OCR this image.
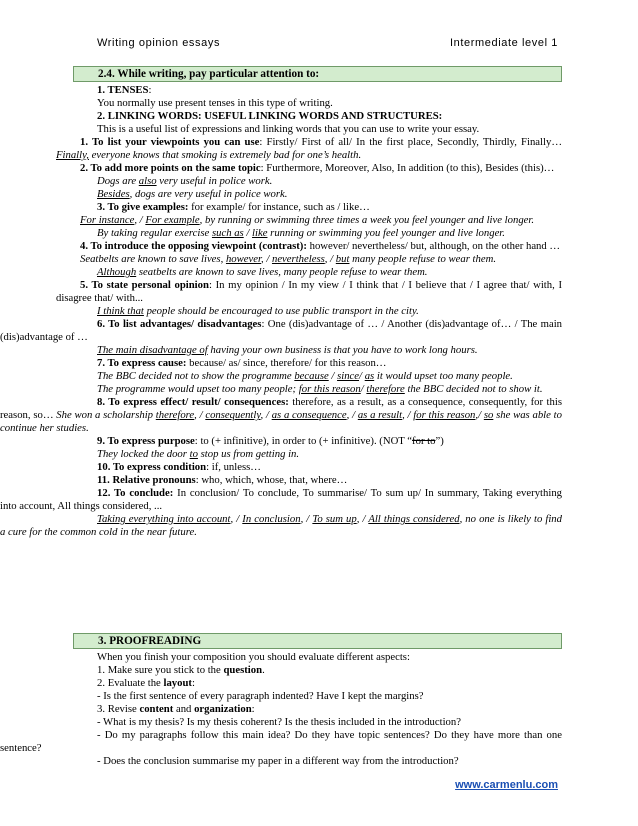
Writing opinion essays	Intermediate level 1
2.4. While writing, pay particular attention to:

1. TENSES:

You normally use present tenses in this type of writing.

2. LINKING WORDS: USEFUL LINKING WORDS AND STRUCTURES:

This is a useful list of expressions and linking words that you can use to write your essay.

1. To list your viewpoints you can use: Firstly/ First of all/ In the first place, Secondly, Thirdly, Finally… Finally, everyone knows that smoking is extremely bad for one’s health.

2. To add more points on the same topic: Furthermore, Moreover, Also, In addition (to this), Besides (this)…

Dogs are also very useful in police work.

Besides, dogs are very useful in police work.

3. To give examples: for example/ for instance, such as / like…

For instance, / For example, by running or swimming three times a week you feel younger and live longer.

By taking regular exercise such as / like running or swimming you feel younger and live longer.

4. To introduce the opposing viewpoint (contrast): however/ nevertheless/ but, although, on the other hand …

Seatbelts are known to save lives, however, / nevertheless, / but many people refuse to wear them.

Although seatbelts are known to save lives, many people refuse to wear them.

5. To state personal opinion: In my opinion / In my view / I think that / I believe that / I agree that/ with, I disagree that/ with...

I think that people should be encouraged to use public transport in the city.

6. To list advantages/ disadvantages: One (dis)advantage of … / Another (dis)advantage of… / The main (dis)advantage of …

The main disadvantage of having your own business is that you have to work long hours.

7. To express cause: because/ as/ since, therefore/ for this reason…

The BBC decided not to show the programme because / since/ as it would upset too many people.

The programme would upset too many people; for this reason/ therefore the BBC decided not to show it.

8. To express effect/ result/ consequences: therefore, as a result, as a consequence, consequently, for this reason, so… She won a scholarship therefore, / consequently, / as a consequence, / as a result, / for this reason,/ so she was able to continue her studies.

9. To express purpose: to (+ infinitive), in order to (+ infinitive). (NOT “for to”)

They locked the door to stop us from getting in.

10. To express condition: if, unless…

11. Relative pronouns: who, which, whose, that, where…

12. To conclude: In conclusion/ To conclude, To summarise/ To sum up/ In summary, Taking everything into account, All things considered, ...

Taking everything into account, / In conclusion, / To sum up, / All things considered, no one is likely to find a cure for the common cold in the near future.

3. PROOFREADING

When you finish your composition you should evaluate different aspects:

1. Make sure you stick to the question.

2. Evaluate the layout:

- Is the first sentence of every paragraph indented? Have I kept the margins?

3. Revise content and organization:

- What is my thesis? Is my thesis coherent? Is the thesis included in the introduction?

- Do my paragraphs follow this main idea? Do they have topic sentences? Do they have more than one sentence?

- Does the conclusion summarise my paper in a different way from the introduction?

www.carmenlu.com
